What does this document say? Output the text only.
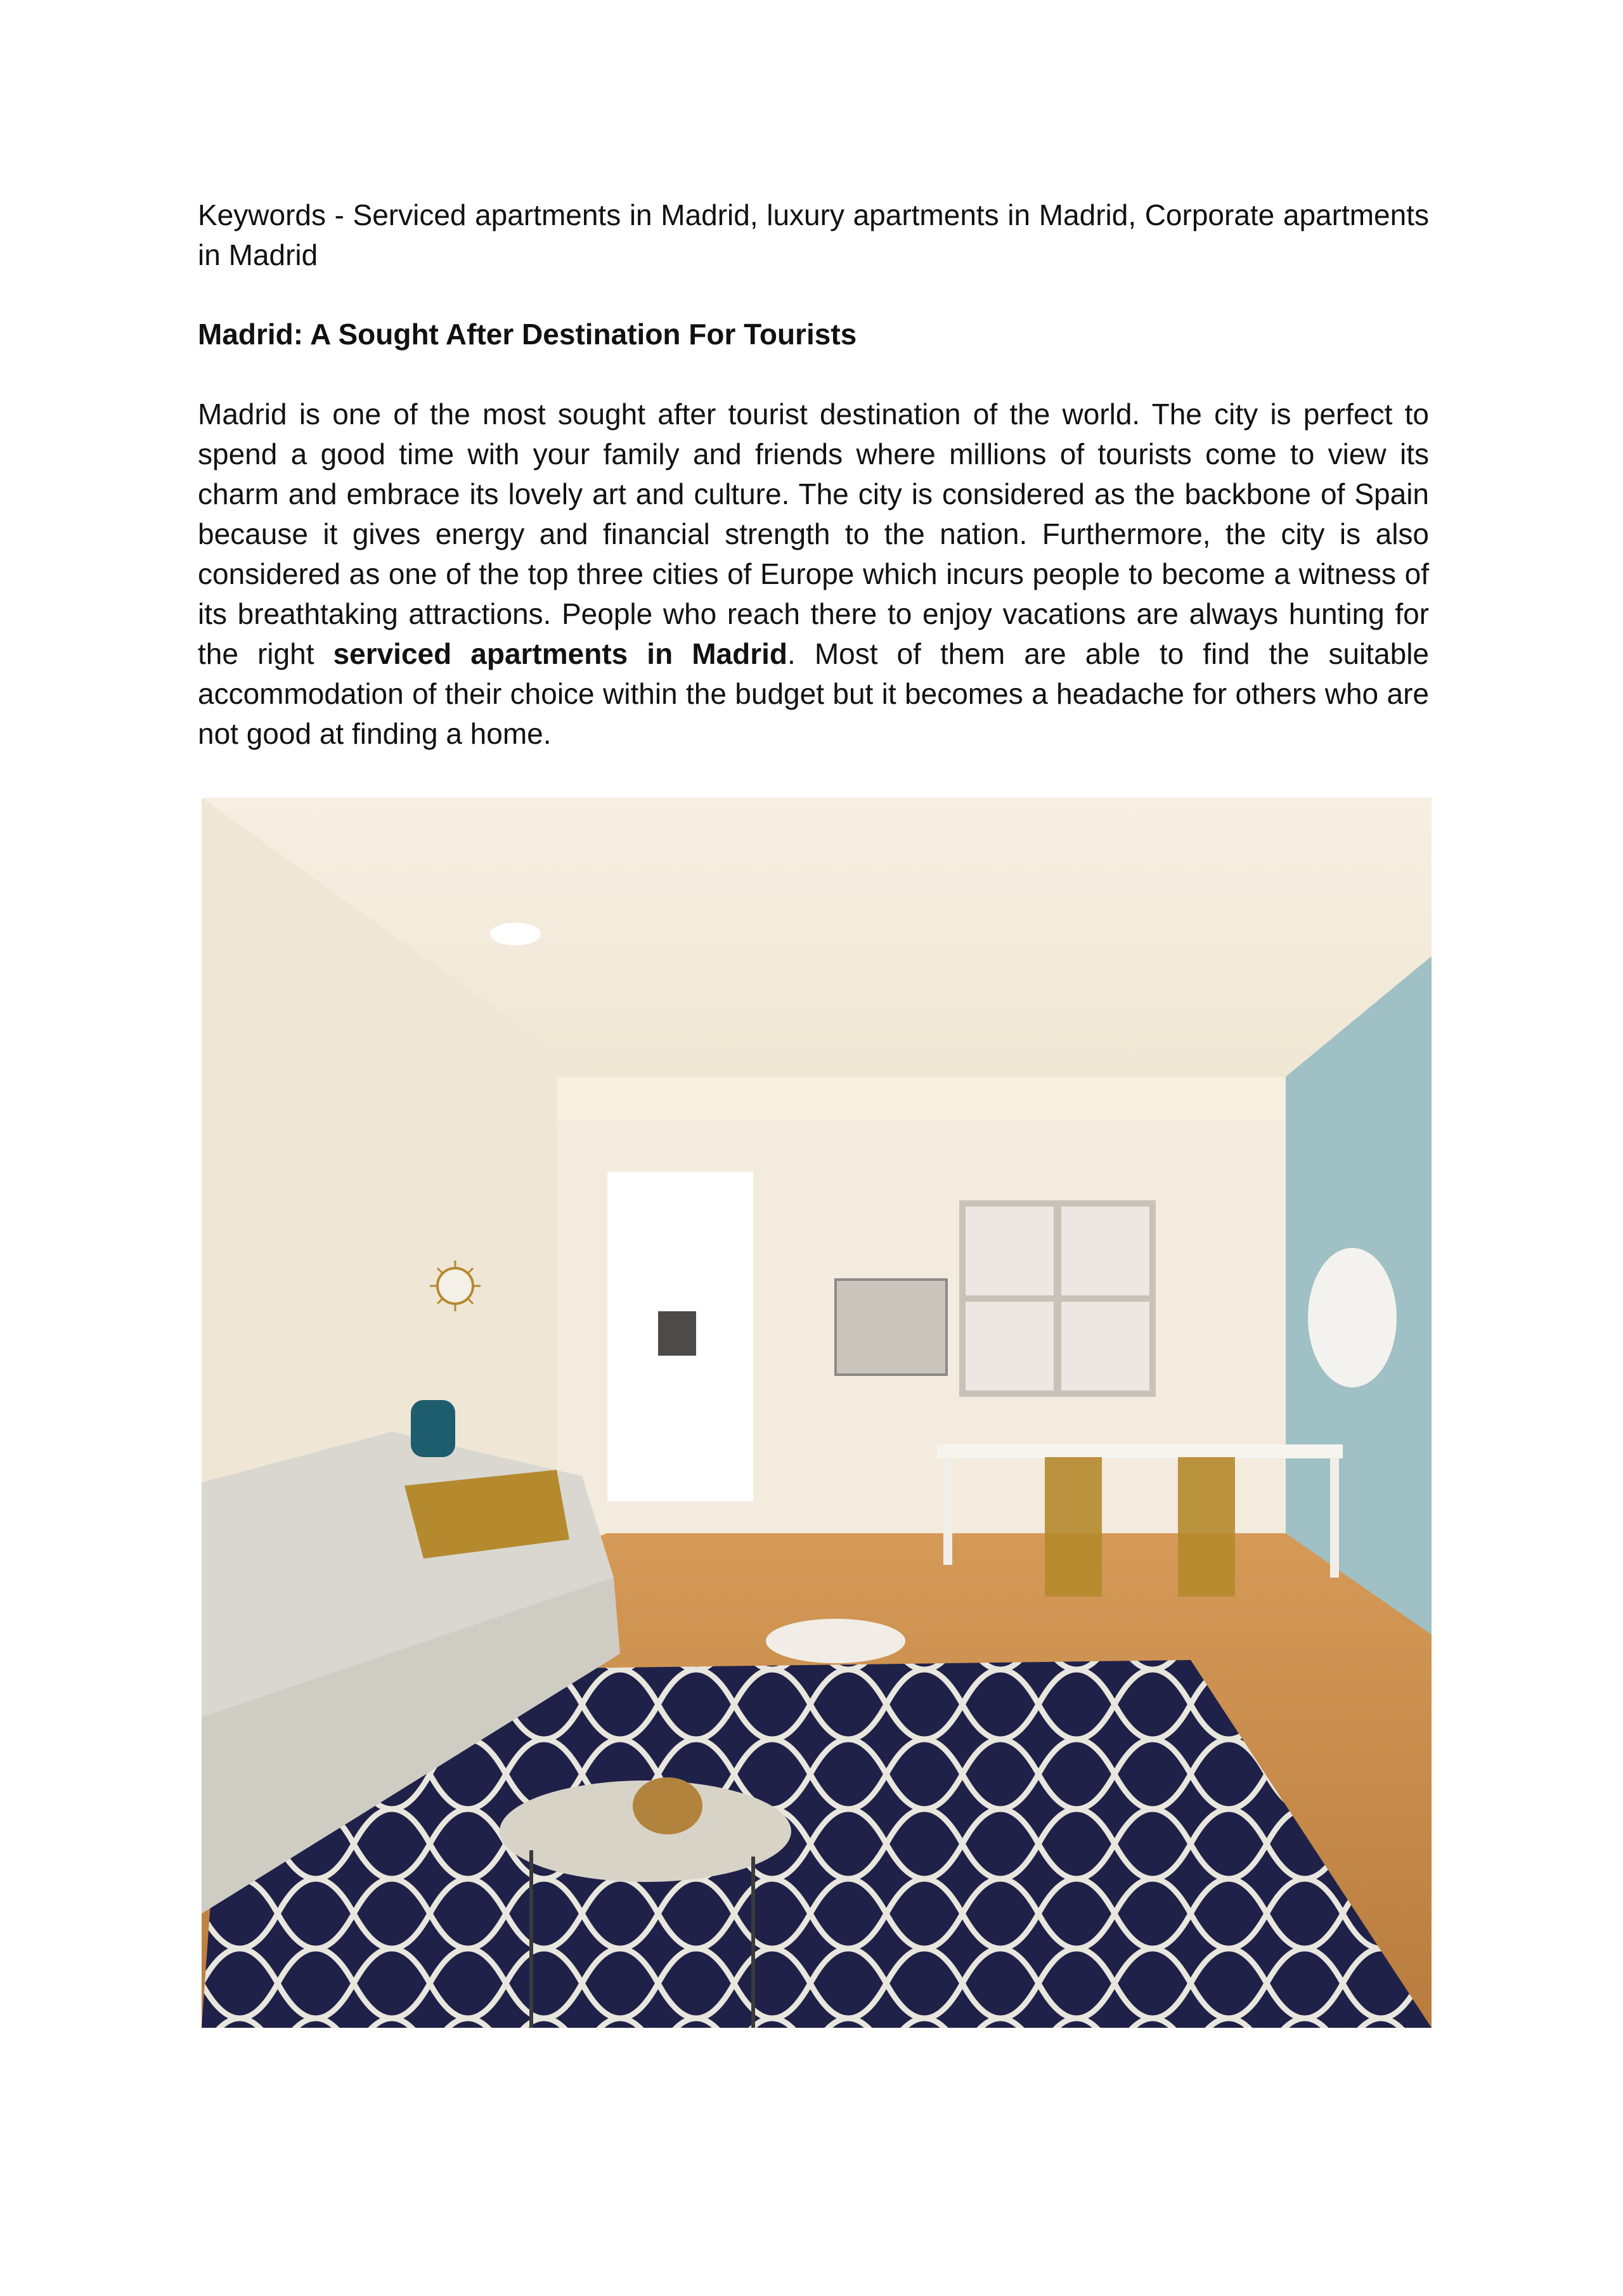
Keywords - Serviced apartments in Madrid, luxury apartments in Madrid, Corporate apartments in Madrid
Madrid: A Sought After Destination For Tourists
Madrid is one of the most sought after tourist destination of the world. The city is perfect to spend a good time with your family and friends where millions of tourists come to view its charm and embrace its lovely art and culture. The city is considered as the backbone of Spain because it gives energy and financial strength to the nation. Furthermore, the city is also considered as one of the top three cities of Europe which incurs people to become a witness of its breathtaking attractions. People who reach there to enjoy vacations are always hunting for the right serviced apartments in Madrid. Most of them are able to find the suitable accommodation of their choice within the budget but it becomes a headache for others who are not good at finding a home.
